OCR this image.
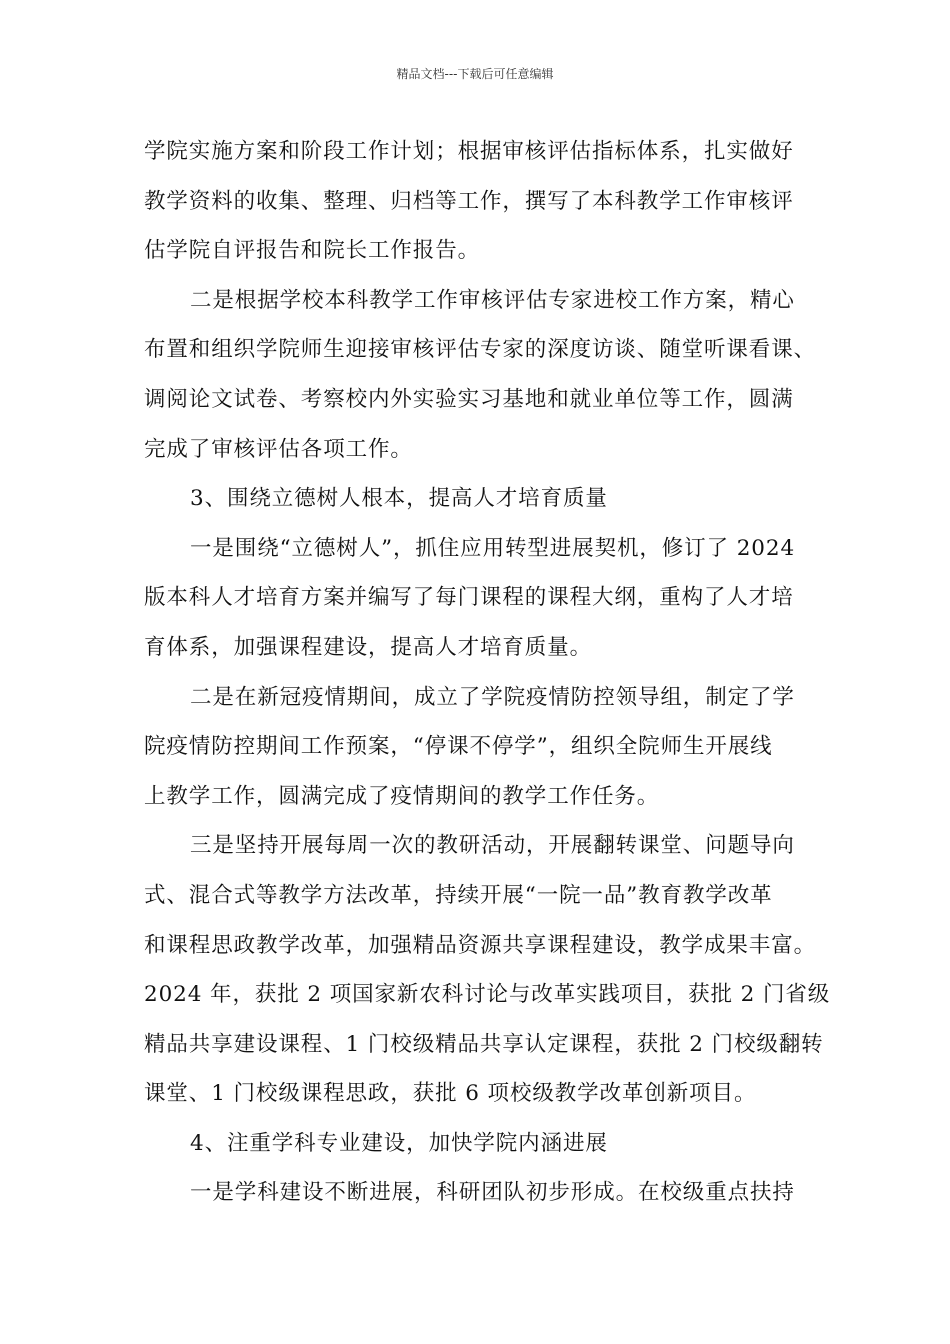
精品文档---下载后可任意编辑
学院实施方案和阶段工作计划；根据审核评估指标体系，扎实做好
教学资料的收集、整理、归档等工作，撰写了本科教学工作审核评
估学院自评报告和院长工作报告。
二是根据学校本科教学工作审核评估专家进校工作方案，精心
布置和组织学院师生迎接审核评估专家的深度访谈、随堂听课看课、
调阅论文试卷、考察校内外实验实习基地和就业单位等工作，圆满
完成了审核评估各项工作。
3、围绕立德树人根本，提高人才培育质量
一是围绕“立德树人”，抓住应用转型进展契机，修订了 2024
版本科人才培育方案并编写了每门课程的课程大纲，重构了人才培
育体系，加强课程建设，提高人才培育质量。
二是在新冠疫情期间，成立了学院疫情防控领导组，制定了学
院疫情防控期间工作预案，“停课不停学”，组织全院师生开展线
上教学工作，圆满完成了疫情期间的教学工作任务。
三是坚持开展每周一次的教研活动，开展翻转课堂、问题导向
式、混合式等教学方法改革，持续开展“一院一品”教育教学改革
和课程思政教学改革，加强精品资源共享课程建设，教学成果丰富。
2024 年，获批 2 项国家新农科讨论与改革实践项目，获批 2 门省级
精品共享建设课程、1 门校级精品共享认定课程，获批 2 门校级翻转
课堂、1 门校级课程思政，获批 6 项校级教学改革创新项目。
4、注重学科专业建设，加快学院内涵进展
一是学科建设不断进展，科研团队初步形成。在校级重点扶持
